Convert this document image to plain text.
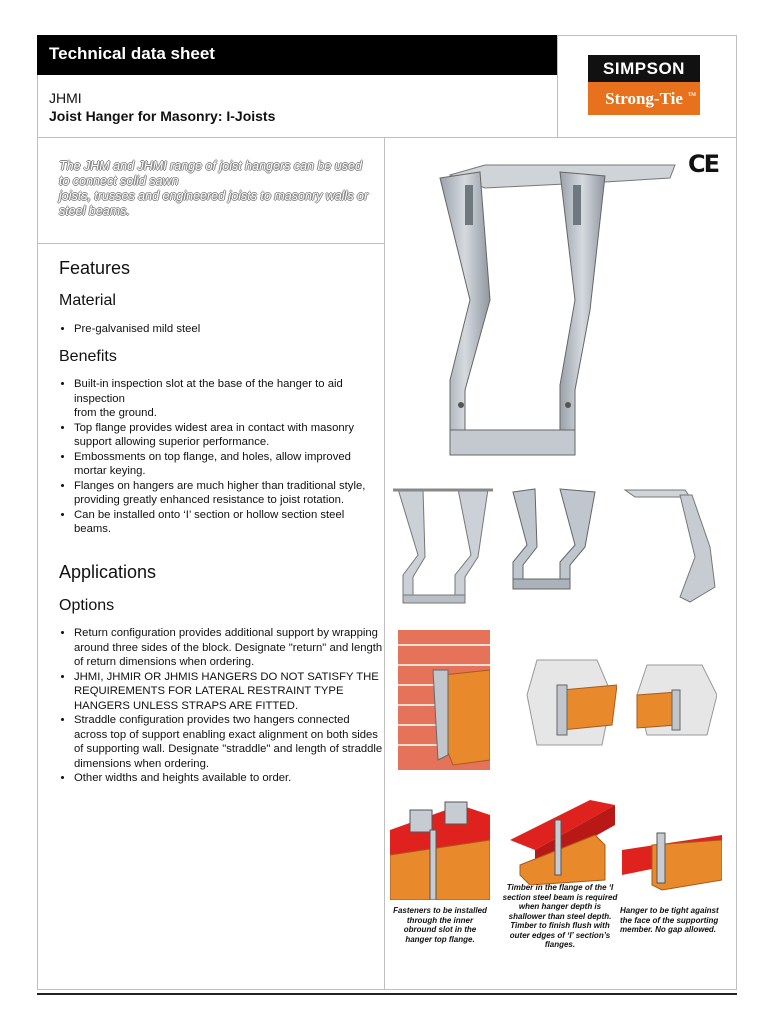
Technical data sheet
JHMI
Joist Hanger for Masonry: I-Joists
SIMPSON
Strong-Tie TM
The JHM and JHMI range of joist hangers can be used to connect solid sawn
joists, trusses and engineered joists to masonry walls or steel beams.
Features
Material
• Pre-galvanised mild steel
Benefits
• Built-in inspection slot at the base of the hanger to aid inspection
from the ground.
• Top flange provides widest area in contact with masonry support allowing superior performance.
• Embossments on top flange, and holes, allow improved mortar keying.
• Flanges on hangers are much higher than traditional style, providing greatly enhanced resistance to joist rotation.
• Can be installed onto ‘I’ section or hollow section steel beams.
Applications
Options
• Return configuration provides additional support by wrapping around three sides of the block. Designate "return" and length of return dimensions when ordering.
• JHMI, JHMIR OR JHMIS HANGERS DO NOT SATISFY THE REQUIREMENTS FOR LATERAL RESTRAINT TYPE HANGERS UNLESS STRAPS ARE FITTED.
• Straddle configuration provides two hangers connected across top of support enabling exact alignment on both sides of supporting wall. Designate "straddle" and length of straddle dimensions when ordering.
• Other widths and heights available to order.
CE
Fasteners to be installed through the inner obround slot in the hanger top flange.
Timber in the flange of the ‘I section steel beam is required when hanger depth is shallower than steel depth. Timber to finish flush with outer edges of ‘I’ section’s flanges.
Hanger to be tight against the face of the supporting member. No gap allowed.
